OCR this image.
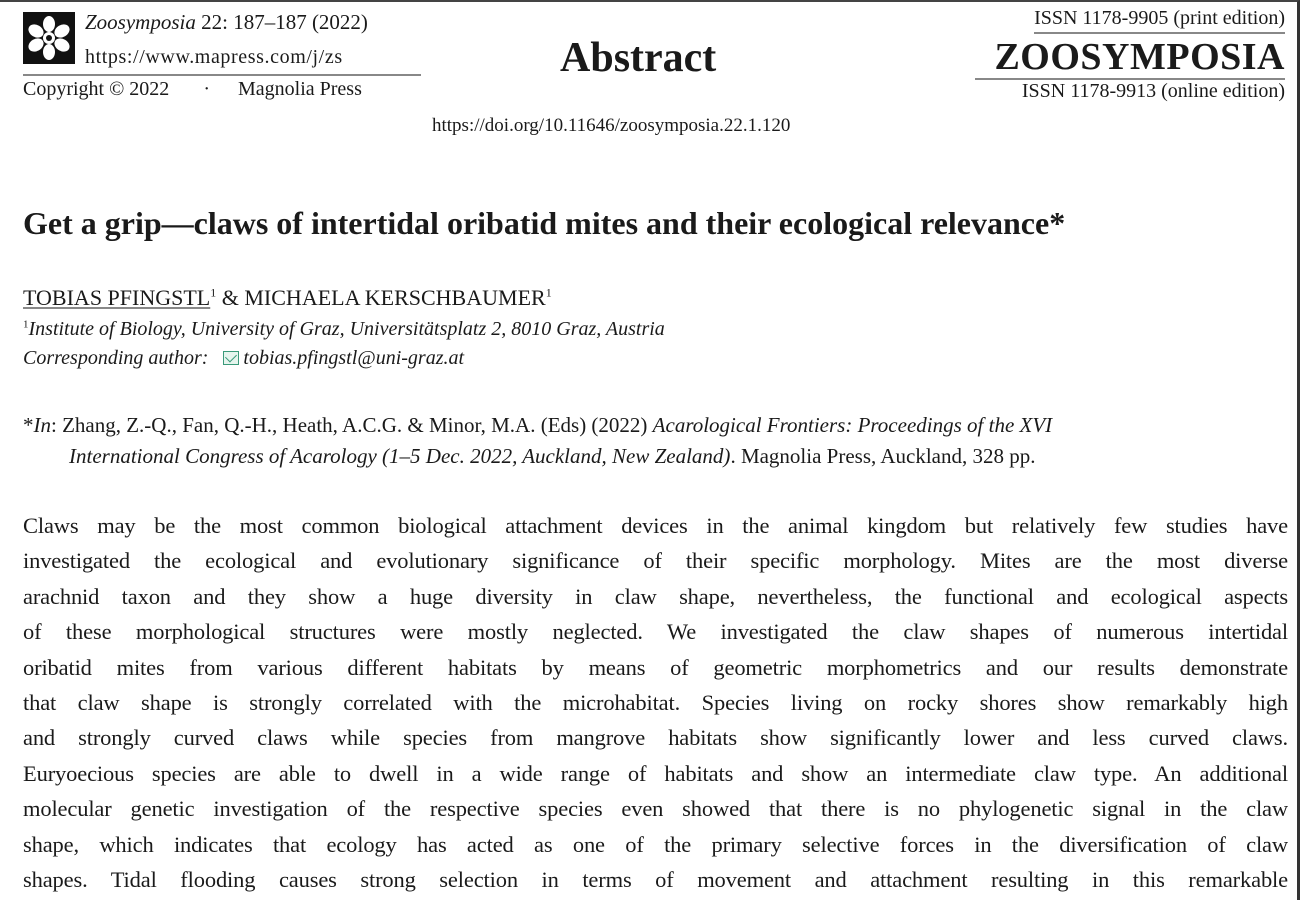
Zoosymposia 22: 187–187 (2022)
https://www.mapress.com/j/zs
Copyright © 2022 · Magnolia Press
Abstract
https://doi.org/10.11646/zoosymposia.22.1.120
ISSN 1178-9905 (print edition)
ZOOSYMPOSIA
ISSN 1178-9913 (online edition)
Get a grip—claws of intertidal oribatid mites and their ecological relevance*
TOBIAS PFINGSTL$^1$ & MICHAELA KERSCHBAUMER$^1$
$^1$Institute of Biology, University of Graz, Universitätsplatz 2, 8010 Graz, Austria
Corresponding author: tobias.pfingstl@uni-graz.at
*In: Zhang, Z.-Q., Fan, Q.-H., Heath, A.C.G. & Minor, M.A. (Eds) (2022) Acarological Frontiers: Proceedings of the XVI
International Congress of Acarology (1–5 Dec. 2022, Auckland, New Zealand). Magnolia Press, Auckland, 328 pp.
Claws may be the most common biological attachment devices in the animal kingdom but relatively few studies have
investigated the ecological and evolutionary significance of their specific morphology. Mites are the most diverse
arachnid taxon and they show a huge diversity in claw shape, nevertheless, the functional and ecological aspects
of these morphological structures were mostly neglected. We investigated the claw shapes of numerous intertidal
oribatid mites from various different habitats by means of geometric morphometrics and our results demonstrate
that claw shape is strongly correlated with the microhabitat. Species living on rocky shores show remarkably high
and strongly curved claws while species from mangrove habitats show significantly lower and less curved claws.
Euryoecious species are able to dwell in a wide range of habitats and show an intermediate claw type. An additional
molecular genetic investigation of the respective species even showed that there is no phylogenetic signal in the claw
shape, which indicates that ecology has acted as one of the primary selective forces in the diversification of claw
shapes. Tidal flooding causes strong selection in terms of movement and attachment resulting in this remarkable
